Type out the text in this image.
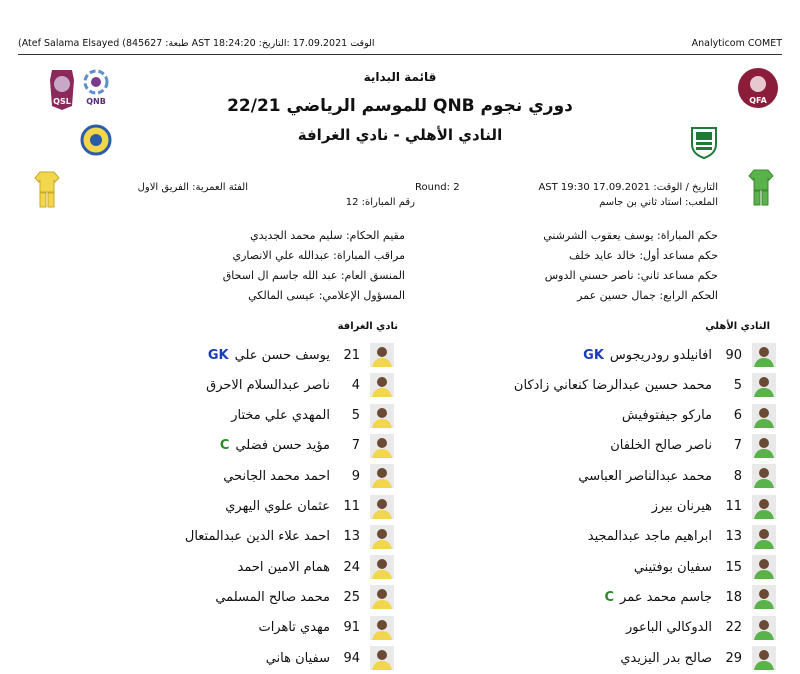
(Atef Salama Elsayed (845627 :طبعة AST 18:24:20 :الوقت 17.09.2021 :التاريخ	Analyticom COMET
QSL QNB	QFA
قائمة البداية
دوري نجوم QNB للموسم الرياضي 22/21
النادي الأهلي - نادي الغرافة
التاريخ / الوقت: AST 19:30 17.09.2021
الملعب: استاد ثاني بن جاسم
Round: 2
رقم المباراة: 12
الفئة العمرية: الفريق الاول
حكم المباراة: يوسف يعقوب الشرشني
حكم مساعد أول: خالد عايد خلف
حكم مساعد ثاني: ناصر حسني الدوس
الحكم الرابع: جمال حسين عمر
مقيم الحكام: سليم محمد الجديدي
مراقب المباراة: عبدالله علي الانصاري
المنسق العام: عبد الله جاسم ال اسحاق
المسؤول الإعلامي: عيسى المالكي
النادي الأهلي
نادي الغرافة
90
افانيلدو رودريجوس
GK
5
محمد حسين عبدالرضا كنعاني زادكان
6
ماركو جيفتوفيش
7
ناصر صالح الخلفان
8
محمد عبدالناصر العباسي
11
هيرنان بيرز
13
ابراهيم ماجد عبدالمجيد
15
سفيان بوفتيني
18
جاسم محمد عمر
C
22
الدوكالي الباعور
29
صالح بدر اليزيدي
21
يوسف حسن علي
GK
4
ناصر عبدالسلام الاحرق
5
المهدي علي مختار
7
مؤيد حسن فضلي
C
9
احمد محمد الجانحي
11
عثمان علوي اليهري
13
احمد علاء الدين عبدالمتعال
24
همام الامين احمد
25
محمد صالح المسلمي
91
مهدي تاهرات
94
سفيان هاني
